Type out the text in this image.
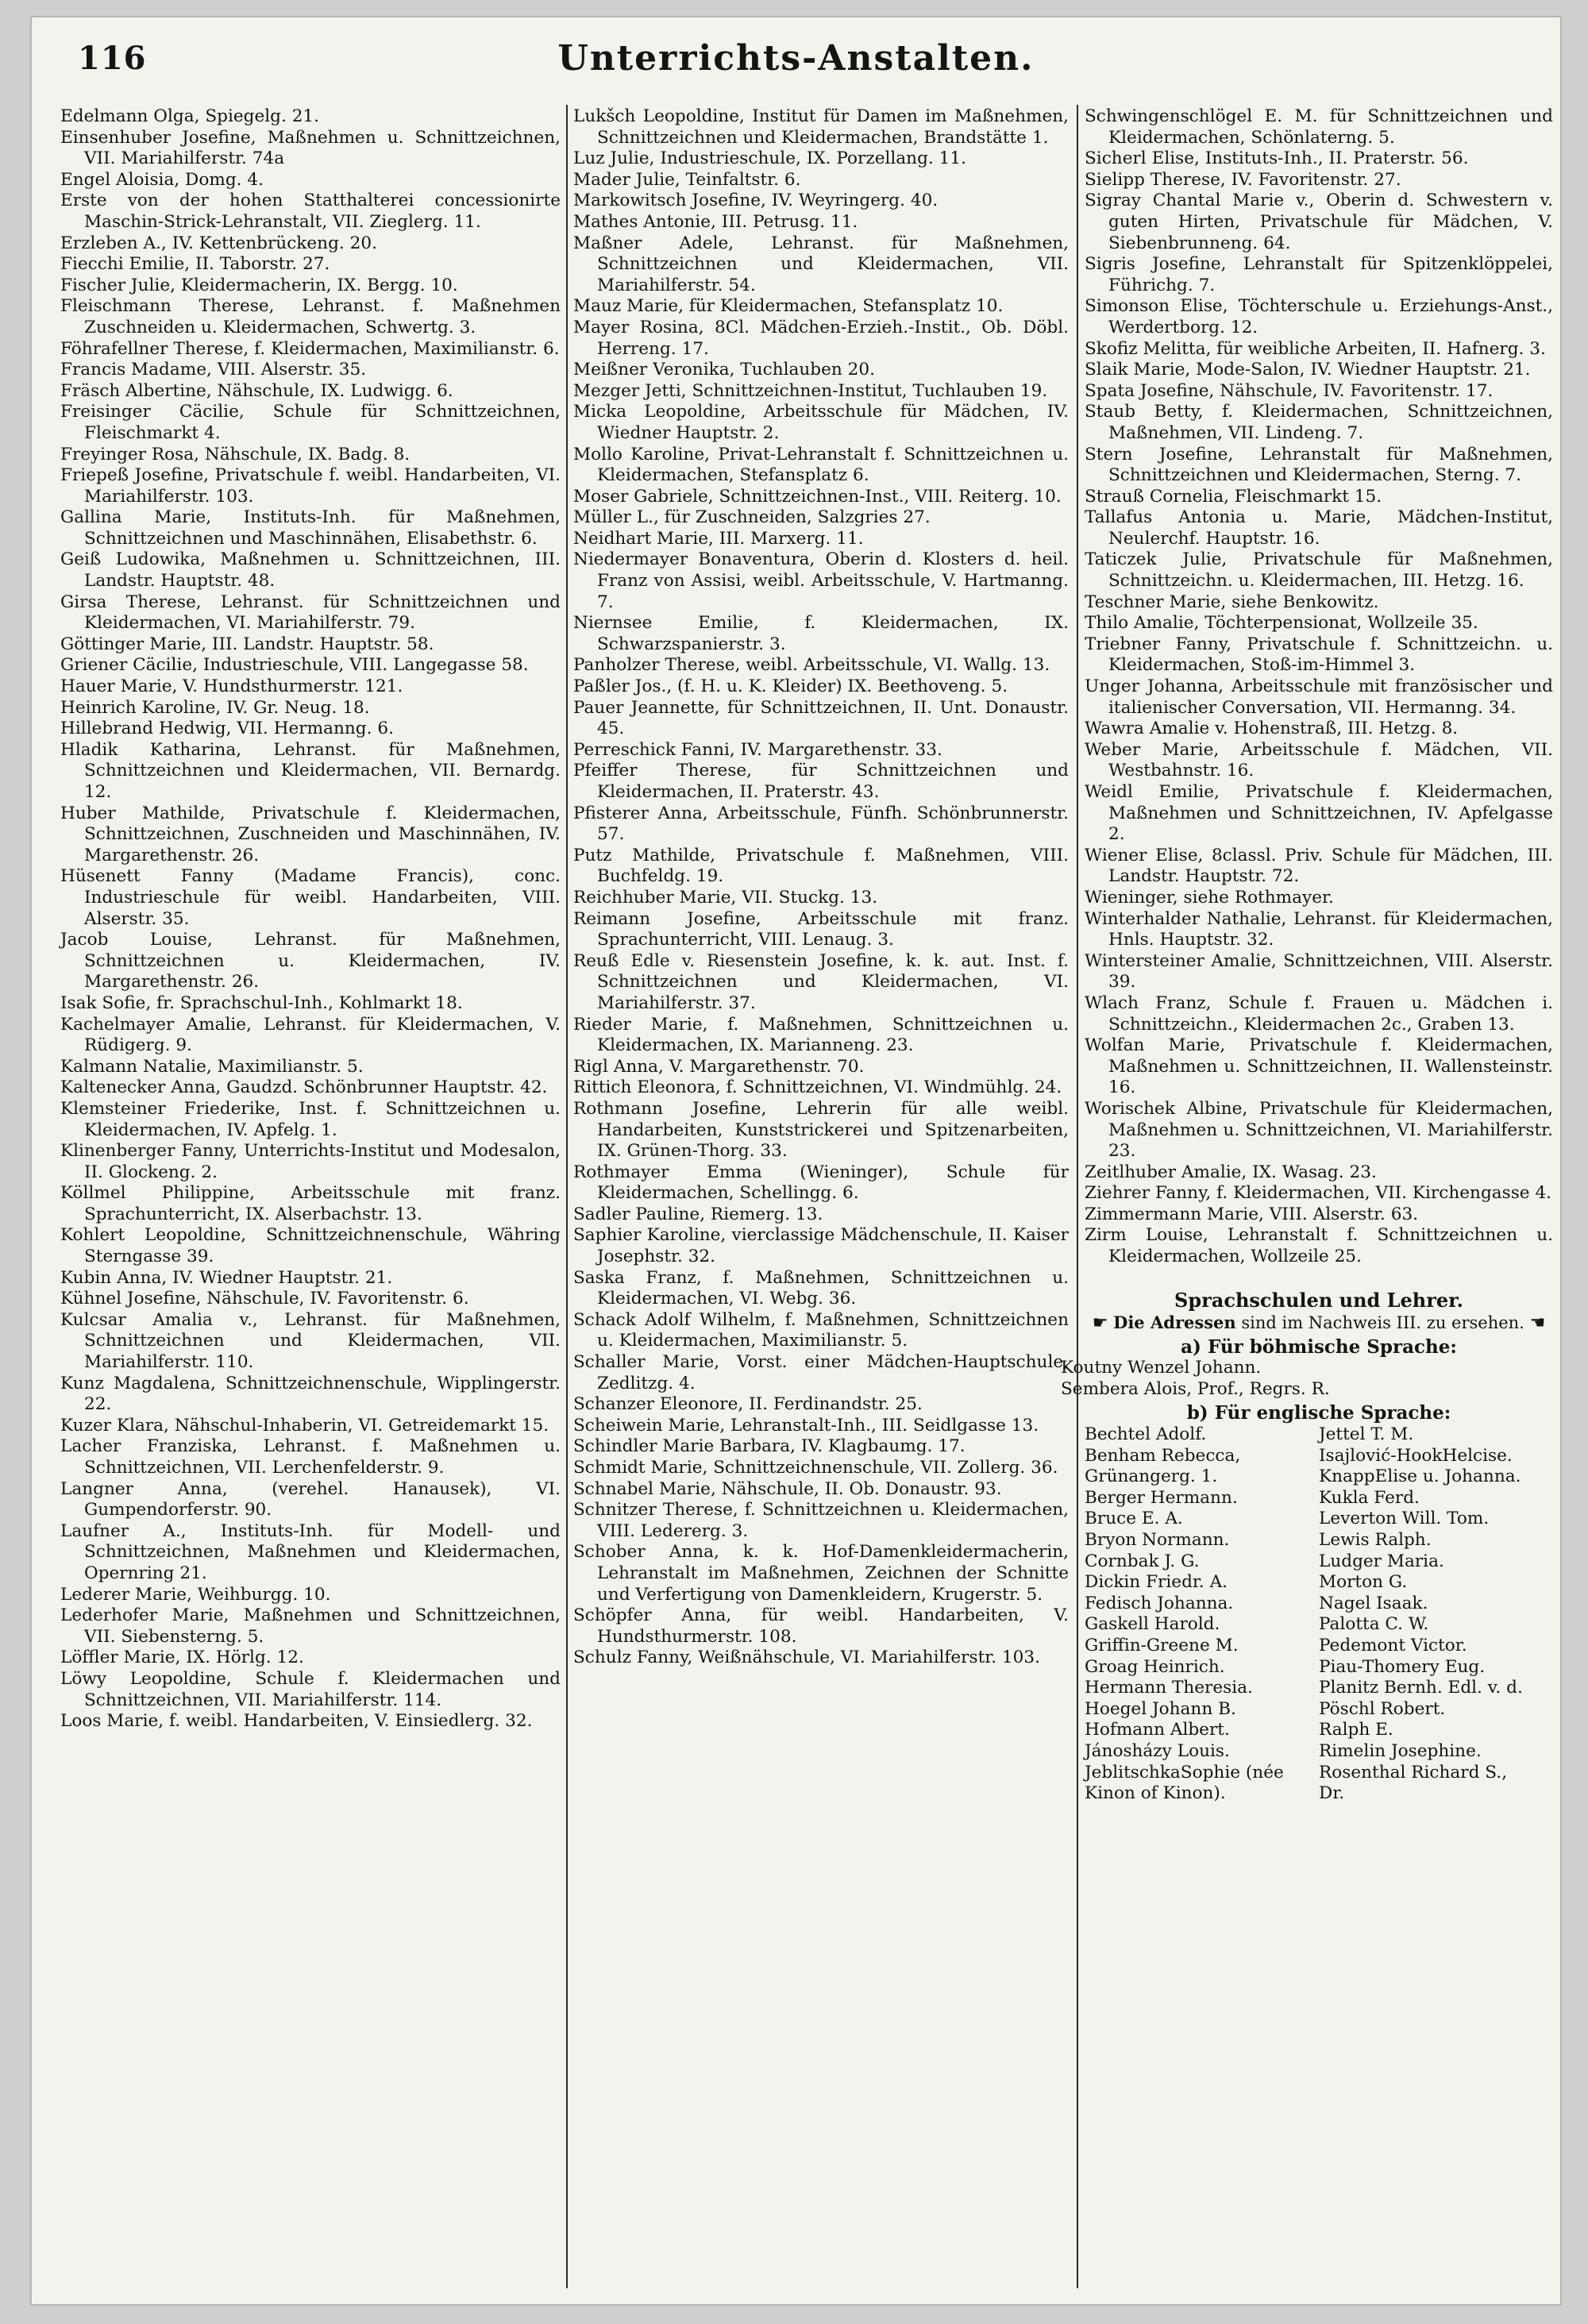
116	Unterrichts-Anstalten.
Edelmann Olga, Spiegelg. 21.
Einsenhuber Josefine, Maßnehmen u. Schnittzeichnen, VII. Mariahilferstr. 74a
Engel Aloisia, Domg. 4.
Erste von der hohen Statthalterei concessionirte Maschin-Strick-Lehranstalt, VII. Zieglerg. 11.
Erzleben A., IV. Kettenbrückeng. 20.
Fiecchi Emilie, II. Taborstr. 27.
Fischer Julie, Kleidermacherin, IX. Bergg. 10.
Fleischmann Therese, Lehranst. f. Maßnehmen Zuschneiden u. Kleidermachen, Schwertg. 3.
Föhrafellner Therese, f. Kleidermachen, Maximilianstr. 6.
Francis Madame, VIII. Alserstr. 35.
Fräsch Albertine, Nähschule, IX. Ludwigg. 6.
Freisinger Cäcilie, Schule für Schnittzeichnen, Fleischmarkt 4.
Freyinger Rosa, Nähschule, IX. Badg. 8.
Friepeß Josefine, Privatschule f. weibl. Handarbeiten, VI. Mariahilferstr. 103.
Gallina Marie, Instituts-Inh. für Maßnehmen, Schnittzeichnen und Maschinnähen, Elisabethstr. 6.
Geiß Ludowika, Maßnehmen u. Schnittzeichnen, III. Landstr. Hauptstr. 48.
Girsa Therese, Lehranst. für Schnittzeichnen und Kleidermachen, VI. Mariahilferstr. 79.
Göttinger Marie, III. Landstr. Hauptstr. 58.
Griener Cäcilie, Industrieschule, VIII. Langegasse 58.
Hauer Marie, V. Hundsthurmerstr. 121.
Heinrich Karoline, IV. Gr. Neug. 18.
Hillebrand Hedwig, VII. Hermanng. 6.
Hladik Katharina, Lehranst. für Maßnehmen, Schnittzeichnen und Kleidermachen, VII. Bernardg. 12.
Huber Mathilde, Privatschule f. Kleidermachen, Schnittzeichnen, Zuschneiden und Maschinnähen, IV. Margarethenstr. 26.
Hüsenett Fanny (Madame Francis), conc. Industrieschule für weibl. Handarbeiten, VIII. Alserstr. 35.
Jacob Louise, Lehranst. für Maßnehmen, Schnittzeichnen u. Kleidermachen, IV. Margarethenstr. 26.
Isak Sofie, fr. Sprachschul-Inh., Kohlmarkt 18.
Kachelmayer Amalie, Lehranst. für Kleidermachen, V. Rüdigerg. 9.
Kalmann Natalie, Maximilianstr. 5.
Kaltenecker Anna, Gaudzd. Schönbrunner Hauptstr. 42.
Klemsteiner Friederike, Inst. f. Schnittzeichnen u. Kleidermachen, IV. Apfelg. 1.
Klinenberger Fanny, Unterrichts-Institut und Modesalon, II. Glockeng. 2.
Köllmel Philippine, Arbeitsschule mit franz. Sprachunterricht, IX. Alserbachstr. 13.
Kohlert Leopoldine, Schnittzeichnenschule, Währing Sterngasse 39.
Kubin Anna, IV. Wiedner Hauptstr. 21.
Kühnel Josefine, Nähschule, IV. Favoritenstr. 6.
Kulcsar Amalia v., Lehranst. für Maßnehmen, Schnittzeichnen und Kleidermachen, VII. Mariahilferstr. 110.
Kunz Magdalena, Schnittzeichnenschule, Wipplingerstr. 22.
Kuzer Klara, Nähschul-Inhaberin, VI. Getreidemarkt 15.
Lacher Franziska, Lehranst. f. Maßnehmen u. Schnittzeichnen, VII. Lerchenfelderstr. 9.
Langner Anna, (verehel. Hanausek), VI. Gumpendorferstr. 90.
Laufner A., Instituts-Inh. für Modell- und Schnittzeichnen, Maßnehmen und Kleidermachen, Opernring 21.
Lederer Marie, Weihburgg. 10.
Lederhofer Marie, Maßnehmen und Schnittzeichnen, VII. Siebensterng. 5.
Löffler Marie, IX. Hörlg. 12.
Löwy Leopoldine, Schule f. Kleidermachen und Schnittzeichnen, VII. Mariahilferstr. 114.
Loos Marie, f. weibl. Handarbeiten, V. Einsiedlerg. 32.
Lukšch Leopoldine, Institut für Damen im Maßnehmen, Schnittzeichnen und Kleidermachen, Brandstätte 1.
Luz Julie, Industrieschule, IX. Porzellang. 11.
Mader Julie, Teinfaltstr. 6.
Markowitsch Josefine, IV. Weyringerg. 40.
Mathes Antonie, III. Petrusg. 11.
Maßner Adele, Lehranst. für Maßnehmen, Schnittzeichnen und Kleidermachen, VII. Mariahilferstr. 54.
Mauz Marie, für Kleidermachen, Stefansplatz 10.
Mayer Rosina, 8Cl. Mädchen-Erzieh.-Instit., Ob. Döbl. Herreng. 17.
Meißner Veronika, Tuchlauben 20.
Mezger Jetti, Schnittzeichnen-Institut, Tuchlauben 19.
Micka Leopoldine, Arbeitsschule für Mädchen, IV. Wiedner Hauptstr. 2.
Mollo Karoline, Privat-Lehranstalt f. Schnittzeichnen u. Kleidermachen, Stefansplatz 6.
Moser Gabriele, Schnittzeichnen-Inst., VIII. Reiterg. 10.
Müller L., für Zuschneiden, Salzgries 27.
Neidhart Marie, III. Marxerg. 11.
Niedermayer Bonaventura, Oberin d. Klosters d. heil. Franz von Assisi, weibl. Arbeitsschule, V. Hartmanng. 7.
Niernsee Emilie, f. Kleidermachen, IX. Schwarzspanierstr. 3.
Panholzer Therese, weibl. Arbeitsschule, VI. Wallg. 13.
Paßler Jos., (f. H. u. K. Kleider) IX. Beethoveng. 5.
Pauer Jeannette, für Schnittzeichnen, II. Unt. Donaustr. 45.
Perreschick Fanni, IV. Margarethenstr. 33.
Pfeiffer Therese, für Schnittzeichnen und Kleidermachen, II. Praterstr. 43.
Pfisterer Anna, Arbeitsschule, Fünfh. Schönbrunnerstr. 57.
Putz Mathilde, Privatschule f. Maßnehmen, VIII. Buchfeldg. 19.
Reichhuber Marie, VII. Stuckg. 13.
Reimann Josefine, Arbeitsschule mit franz. Sprachunterricht, VIII. Lenaug. 3.
Reuß Edle v. Riesenstein Josefine, k. k. aut. Inst. f. Schnittzeichnen und Kleidermachen, VI. Mariahilferstr. 37.
Rieder Marie, f. Maßnehmen, Schnittzeichnen u. Kleidermachen, IX. Marianneng. 23.
Rigl Anna, V. Margarethenstr. 70.
Rittich Eleonora, f. Schnittzeichnen, VI. Windmühlg. 24.
Rothmann Josefine, Lehrerin für alle weibl. Handarbeiten, Kunststrickerei und Spitzenarbeiten, IX. Grünen-Thorg. 33.
Rothmayer Emma (Wieninger), Schule für Kleidermachen, Schellingg. 6.
Sadler Pauline, Riemerg. 13.
Saphier Karoline, vierclassige Mädchenschule, II. Kaiser Josephstr. 32.
Saska Franz, f. Maßnehmen, Schnittzeichnen u. Kleidermachen, VI. Webg. 36.
Schack Adolf Wilhelm, f. Maßnehmen, Schnittzeichnen u. Kleidermachen, Maximilianstr. 5.
Schaller Marie, Vorst. einer Mädchen-Hauptschule, Zedlitzg. 4.
Schanzer Eleonore, II. Ferdinandstr. 25.
Scheiwein Marie, Lehranstalt-Inh., III. Seidlgasse 13.
Schindler Marie Barbara, IV. Klagbaumg. 17.
Schmidt Marie, Schnittzeichnenschule, VII. Zollerg. 36.
Schnabel Marie, Nähschule, II. Ob. Donaustr. 93.
Schnitzer Therese, f. Schnittzeichnen u. Kleidermachen, VIII. Ledererg. 3.
Schober Anna, k. k. Hof-Damenkleidermacherin, Lehranstalt im Maßnehmen, Zeichnen der Schnitte und Verfertigung von Damenkleidern, Krugerstr. 5.
Schöpfer Anna, für weibl. Handarbeiten, V. Hundsthurmerstr. 108.
Schulz Fanny, Weißnähschule, VI. Mariahilferstr. 103.
Schwingenschlögel E. M. für Schnittzeichnen und Kleidermachen, Schönlaterng. 5.
Sicherl Elise, Instituts-Inh., II. Praterstr. 56.
Sielipp Therese, IV. Favoritenstr. 27.
Sigray Chantal Marie v., Oberin d. Schwestern v. guten Hirten, Privatschule für Mädchen, V. Siebenbrunneng. 64.
Sigris Josefine, Lehranstalt für Spitzenklöppelei, Führichg. 7.
Simonson Elise, Töchterschule u. Erziehungs-Anst., Werdertborg. 12.
Skofiz Melitta, für weibliche Arbeiten, II. Hafnerg. 3.
Slaik Marie, Mode-Salon, IV. Wiedner Hauptstr. 21.
Spata Josefine, Nähschule, IV. Favoritenstr. 17.
Staub Betty, f. Kleidermachen, Schnittzeichnen, Maßnehmen, VII. Lindeng. 7.
Stern Josefine, Lehranstalt für Maßnehmen, Schnittzeichnen und Kleidermachen, Sterng. 7.
Strauß Cornelia, Fleischmarkt 15.
Tallafus Antonia u. Marie, Mädchen-Institut, Neulerchf. Hauptstr. 16.
Taticzek Julie, Privatschule für Maßnehmen, Schnittzeichn. u. Kleidermachen, III. Hetzg. 16.
Teschner Marie, siehe Benkowitz.
Thilo Amalie, Töchterpensionat, Wollzeile 35.
Triebner Fanny, Privatschule f. Schnittzeichn. u. Kleidermachen, Stoß-im-Himmel 3.
Unger Johanna, Arbeitsschule mit französischer und italienischer Conversation, VII. Hermanng. 34.
Wawra Amalie v. Hohenstraß, III. Hetzg. 8.
Weber Marie, Arbeitsschule f. Mädchen, VII. Westbahnstr. 16.
Weidl Emilie, Privatschule f. Kleidermachen, Maßnehmen und Schnittzeichnen, IV. Apfelgasse 2.
Wiener Elise, 8classl. Priv. Schule für Mädchen, III. Landstr. Hauptstr. 72.
Wieninger, siehe Rothmayer.
Winterhalder Nathalie, Lehranst. für Kleidermachen, Hnls. Hauptstr. 32.
Wintersteiner Amalie, Schnittzeichnen, VIII. Alserstr. 39.
Wlach Franz, Schule f. Frauen u. Mädchen i. Schnittzeichn., Kleidermachen 2c., Graben 13.
Wolfan Marie, Privatschule f. Kleidermachen, Maßnehmen u. Schnittzeichnen, II. Wallensteinstr. 16.
Worischek Albine, Privatschule für Kleidermachen, Maßnehmen u. Schnittzeichnen, VI. Mariahilferstr. 23.
Zeitlhuber Amalie, IX. Wasag. 23.
Ziehrer Fanny, f. Kleidermachen, VII. Kirchengasse 4.
Zimmermann Marie, VIII. Alserstr. 63.
Zirm Louise, Lehranstalt f. Schnittzeichnen u. Kleidermachen, Wollzeile 25.
Sprachschulen und Lehrer.
☛ Die Adressen sind im Nachweis III. zu ersehen. ☚
a) Für böhmische Sprache:
Koutny Wenzel Johann.
Sembera Alois, Prof., Regrs. R.
b) Für englische Sprache:
Bechtel Adolf.	Jettel T. M.
Benham Rebecca,	Isajlović-HookHelcise.
Grünangerg. 1.	KnappElise u. Johanna.
Berger Hermann.	Kukla Ferd.
Bruce E. A.	Leverton Will. Tom.
Bryon Normann.	Lewis Ralph.
Cornbak J. G.	Ludger Maria.
Dickin Friedr. A.	Morton G.
Fedisch Johanna.	Nagel Isaak.
Gaskell Harold.	Palotta C. W.
Griffin-Greene M.	Pedemont Victor.
Groag Heinrich.	Piau-Thomery Eug.
Hermann Theresia.	Planitz Bernh. Edl. v. d.
Hoegel Johann B.	Pöschl Robert.
Hofmann Albert.	Ralph E.
Jánosházy Louis.	Rimelin Josephine.
JeblitschkaSophie (née	Rosenthal Richard S.,
Kinon of Kinon).	Dr.
